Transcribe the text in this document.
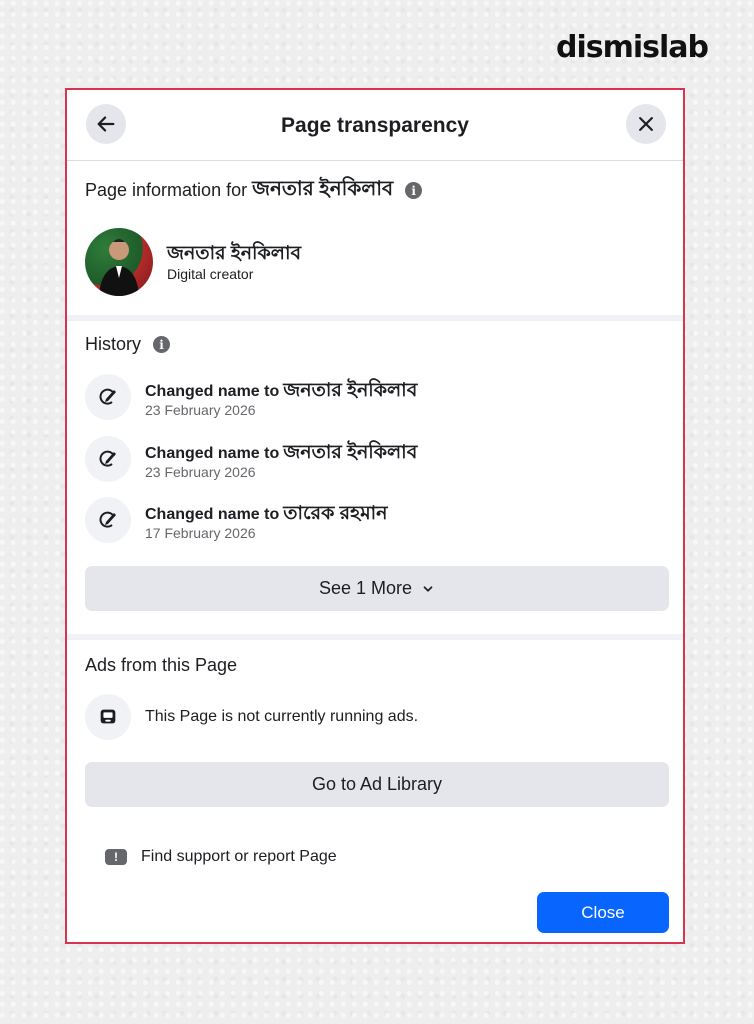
dismislab
Page transparency
Page information for জনতার ইনকিলাব	i
জনতার ইনকিলাব
Digital creator
History	i
Changed name to জনতার ইনকিলাব
23 February 2026
Changed name to জনতার ইনকিলাব
23 February 2026
Changed name to তারেক রহমান
17 February 2026
See 1 More
Ads from this Page
This Page is not currently running ads.
Go to Ad Library
!	Find support or report Page
Close
